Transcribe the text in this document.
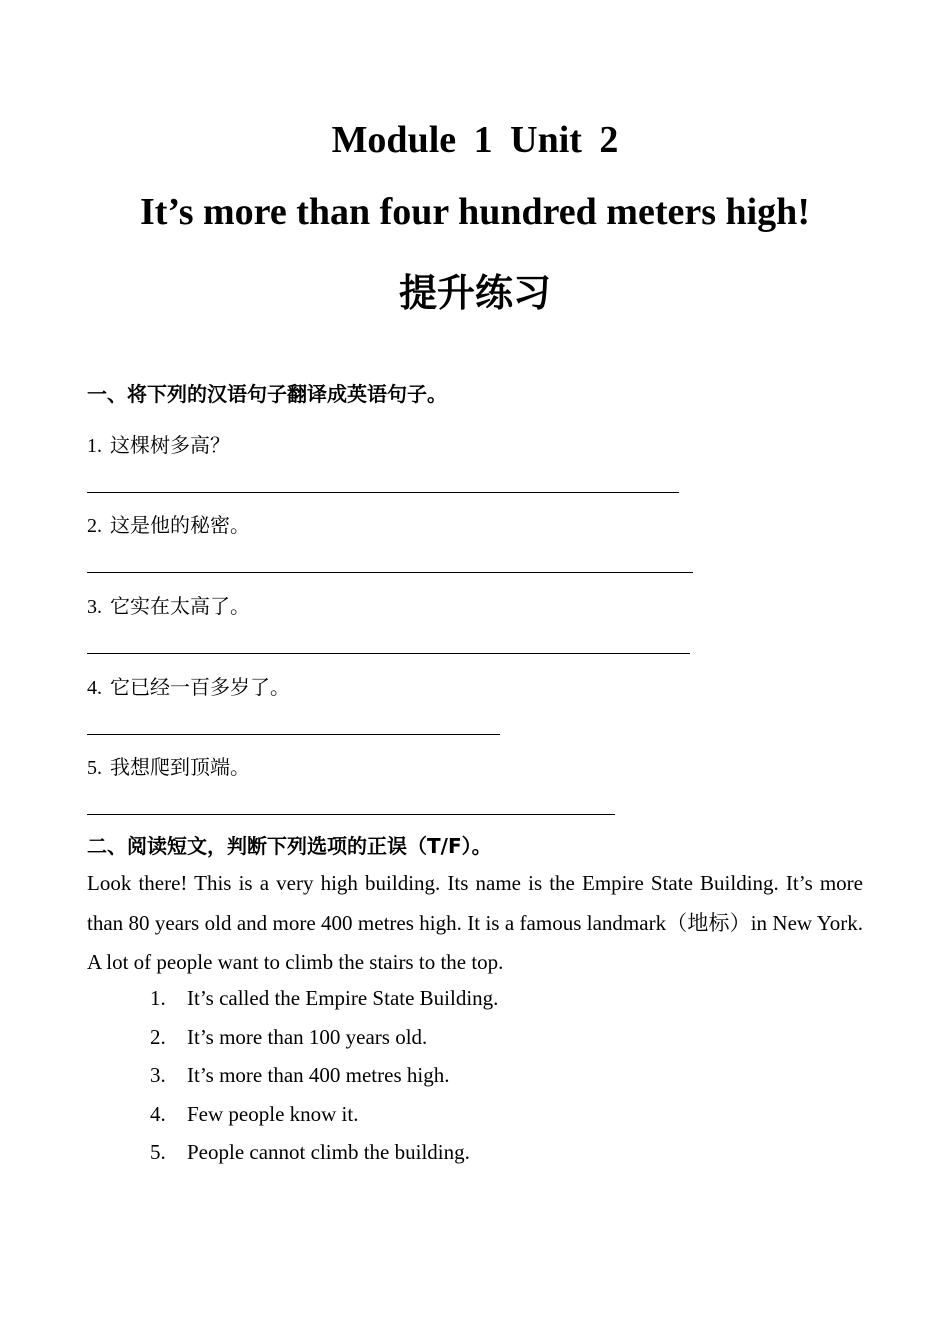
Module 1 Unit 2
It’s more than four hundred meters high!
提升练习
一、将下列的汉语句子翻译成英语句子。
1. 这棵树多高？
2. 这是他的秘密。
3. 它实在太高了。
4. 它已经一百多岁了。
5. 我想爬到顶端。
二、阅读短文，判断下列选项的正误（T/F）。
Look there! This is a very high building. Its name is the Empire State Building. It’s more than 80 years old and more 400 metres high. It is a famous landmark（地标）in New York. A lot of people want to climb the stairs to the top.
1. It’s called the Empire State Building.
2. It’s more than 100 years old.
3. It’s more than 400 metres high.
4. Few people know it.
5. People cannot climb the building.
